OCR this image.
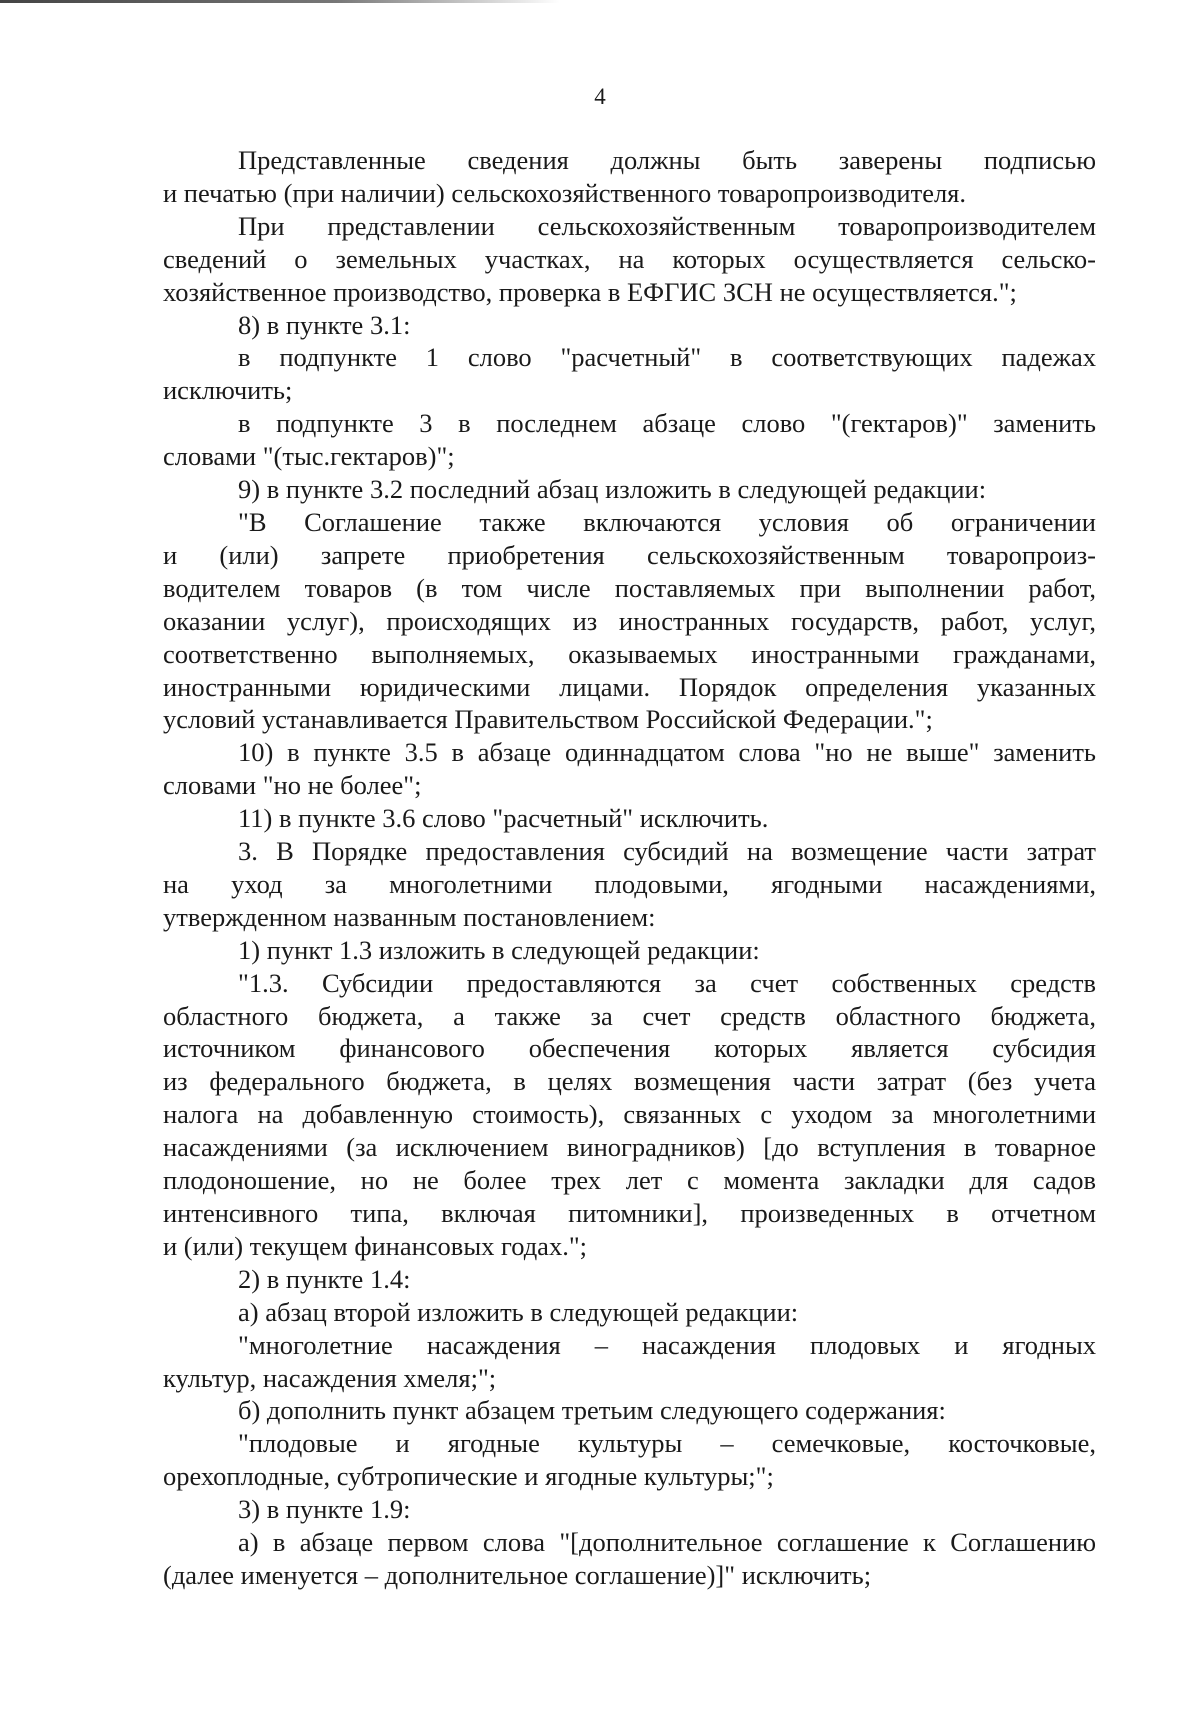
4
Представленные сведения должны быть заверены подписью
и печатью (при наличии) сельскохозяйственного товаропроизводителя.
При представлении сельскохозяйственным товаропроизводителем
сведений о земельных участках, на которых осуществляется сельско-
хозяйственное производство, проверка в ЕФГИС ЗСН не осуществляется.";
8) в пункте 3.1:
в подпункте 1 слово "расчетный" в соответствующих падежах
исключить;
в подпункте 3 в последнем абзаце слово "(гектаров)" заменить
словами "(тыс.гектаров)";
9) в пункте 3.2 последний абзац изложить в следующей редакции:
"В Соглашение также включаются условия об ограничении
и (или) запрете приобретения сельскохозяйственным товаропроиз-
водителем товаров (в том числе поставляемых при выполнении работ,
оказании услуг), происходящих из иностранных государств, работ, услуг,
соответственно выполняемых, оказываемых иностранными гражданами,
иностранными юридическими лицами. Порядок определения указанных
условий устанавливается Правительством Российской Федерации.";
10) в пункте 3.5 в абзаце одиннадцатом слова "но не выше" заменить
словами "но не более";
11) в пункте 3.6 слово "расчетный" исключить.
3. В Порядке предоставления субсидий на возмещение части затрат
на уход за многолетними плодовыми, ягодными насаждениями,
утвержденном названным постановлением:
1) пункт 1.3 изложить в следующей редакции:
"1.3. Субсидии предоставляются за счет собственных средств
областного бюджета, а также за счет средств областного бюджета,
источником финансового обеспечения которых является субсидия
из федерального бюджета, в целях возмещения части затрат (без учета
налога на добавленную стоимость), связанных с уходом за многолетними
насаждениями (за исключением виноградников) [до вступления в товарное
плодоношение, но не более трех лет с момента закладки для садов
интенсивного типа, включая питомники], произведенных в отчетном
и (или) текущем финансовых годах.";
2) в пункте 1.4:
а) абзац второй изложить в следующей редакции:
"многолетние насаждения – насаждения плодовых и ягодных
культур, насаждения хмеля;";
б) дополнить пункт абзацем третьим следующего содержания:
"плодовые и ягодные культуры – семечковые, косточковые,
орехоплодные, субтропические и ягодные культуры;";
3) в пункте 1.9:
а) в абзаце первом слова "[дополнительное соглашение к Соглашению
(далее именуется – дополнительное соглашение)]" исключить;
